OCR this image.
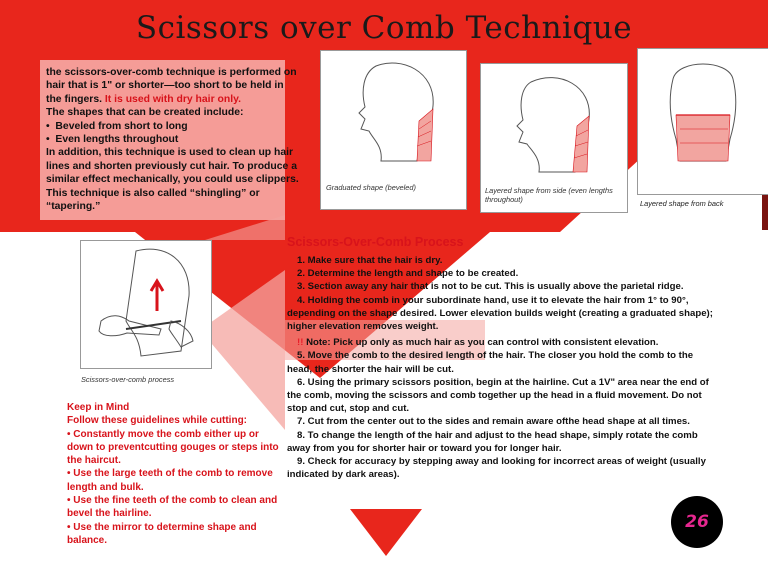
Scissors over Comb Technique
the scissors-over-comb technique is performed on hair that is 1" or shorter—too short to be held in the fingers. It is used with dry hair only.
The shapes that can be created include:
•  Beveled from short to long
•  Even lengths throughout
In addition, this technique is used to clean up hair lines and shorten previously cut hair. To produce a similar effect mechanically, you could use clippers.
This technique is also called “shingling” or “tapering.”
Graduated shape (beveled)	Layered shape from side (even lengths throughout)	Layered shape from back
Scissors-over-comb process
Scissors-Over-Comb Process

1. Make sure that the hair is dry.

2. Determine the length and shape to be created.

3. Section away any hair that is not to be cut. This is usually above the parietal ridge.

4. Holding the comb in your subordinate hand, use it to elevate the hair from 1° to 90°, depending on the shape desired. Lower elevation builds weight (creating a graduated shape); higher elevation removes weight.

!! Note: Pick up only as much hair as you can control with consistent elevation.

5. Move the comb to the desired length of the hair. The closer you hold the comb to the head, the shorter the hair will be cut.

6. Using the primary scissors position, begin at the hairline. Cut a 1V" area near the end of the comb, moving the scissors and comb together up the head in a fluid movement. Do not stop and cut, stop and cut.

7. Cut from the center out to the sides and remain aware ofthe head shape at all times.

8. To change the length of the hair and adjust to the head shape, simply rotate the comb away from you for shorter hair or toward you for longer hair.

9. Check for accuracy by stepping away and looking for incorrect areas of weight (usually indicated by dark areas).

Keep in Mind

Follow these guidelines while cutting:

• Constantly move the comb either up or down to preventcutting gouges or steps into the haircut.

• Use the large teeth of the comb to remove length and bulk.

• Use the fine teeth of the comb to clean and bevel the hairline.

• Use the mirror to determine shape and balance.

26
